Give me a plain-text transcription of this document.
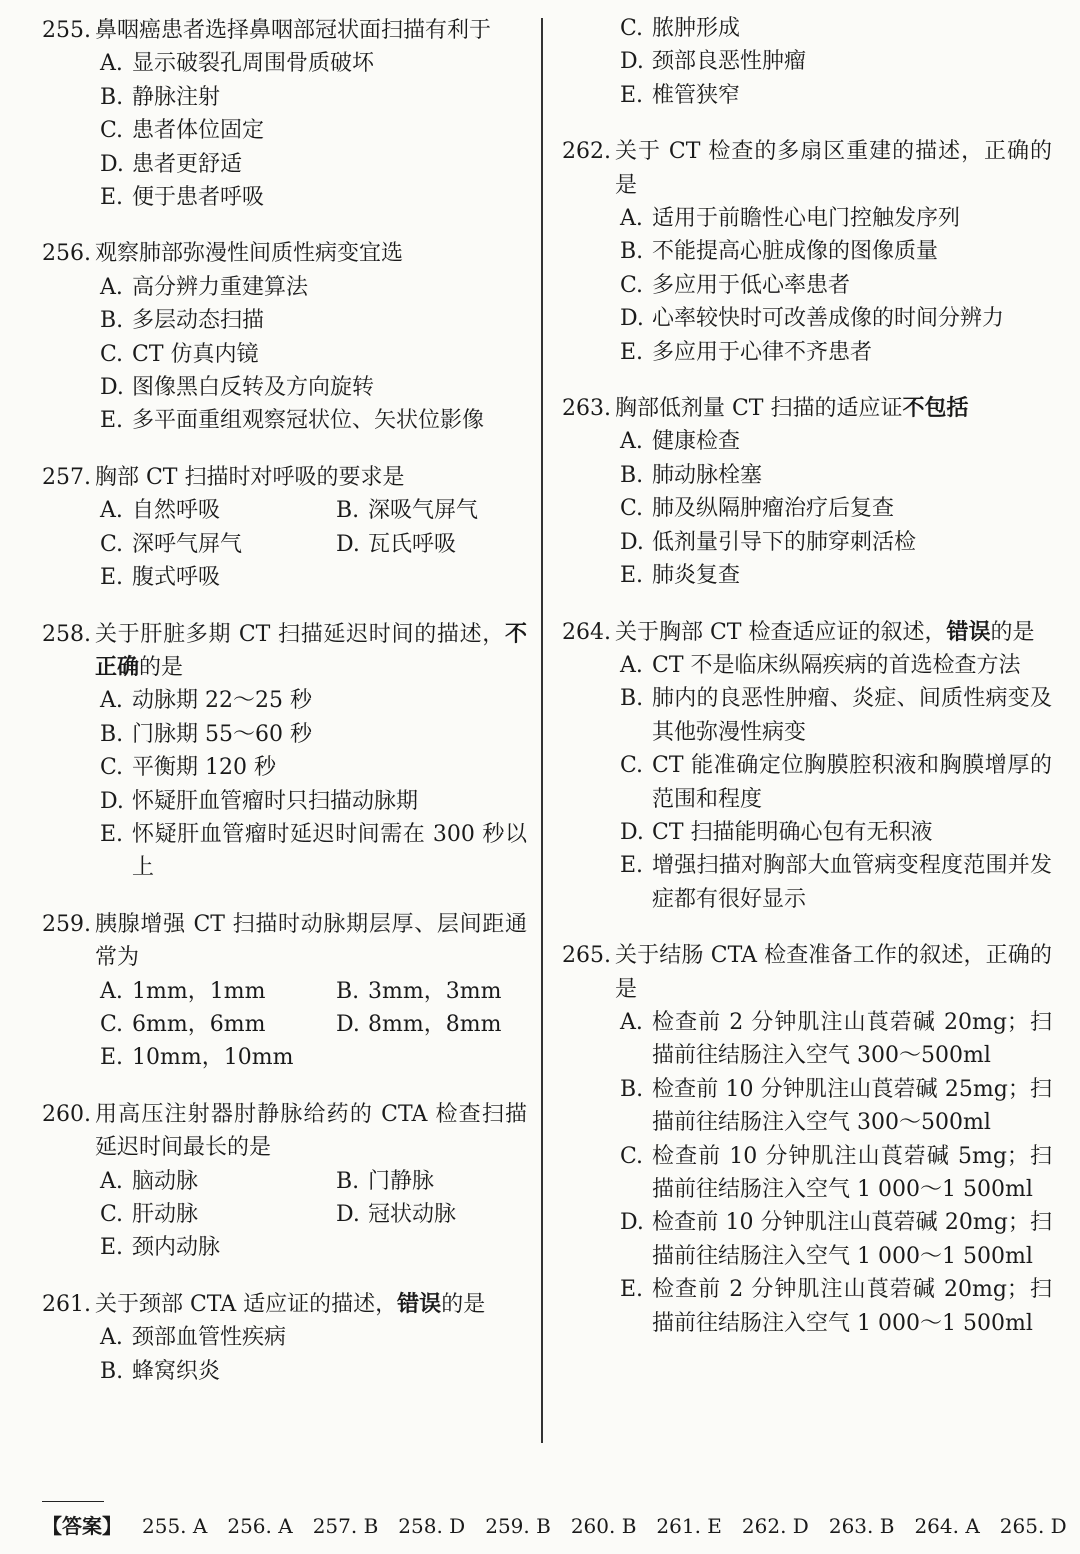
255. 鼻咽癌患者选择鼻咽部冠状面扫描有利于
A. 显示破裂孔周围骨质破坏
B. 静脉注射
C. 患者体位固定
D. 患者更舒适
E. 便于患者呼吸
256. 观察肺部弥漫性间质性病变宜选
A. 高分辨力重建算法
B. 多层动态扫描
C. CT 仿真内镜
D. 图像黑白反转及方向旋转
E. 多平面重组观察冠状位、矢状位影像
257. 胸部 CT 扫描时对呼吸的要求是
A. 自然呼吸	B. 深吸气屏气
C. 深呼气屏气	D. 瓦氏呼吸
E. 腹式呼吸
258. 关于肝脏多期 CT 扫描延迟时间的描述，不正确的是
A. 动脉期 22～25 秒
B. 门脉期 55～60 秒
C. 平衡期 120 秒
D. 怀疑肝血管瘤时只扫描动脉期
E. 怀疑肝血管瘤时延迟时间需在 300 秒以上
259. 胰腺增强 CT 扫描时动脉期层厚、层间距通常为
A. 1mm，1mm	B. 3mm，3mm
C. 6mm，6mm	D. 8mm，8mm
E. 10mm，10mm
260. 用高压注射器肘静脉给药的 CTA 检查扫描延迟时间最长的是
A. 脑动脉	B. 门静脉
C. 肝动脉	D. 冠状动脉
E. 颈内动脉
261. 关于颈部 CTA 适应证的描述，错误的是
A. 颈部血管性疾病
B. 蜂窝织炎
C. 脓肿形成
D. 颈部良恶性肿瘤
E. 椎管狭窄
262. 关于 CT 检查的多扇区重建的描述，正确的是
A. 适用于前瞻性心电门控触发序列
B. 不能提高心脏成像的图像质量
C. 多应用于低心率患者
D. 心率较快时可改善成像的时间分辨力
E. 多应用于心律不齐患者
263. 胸部低剂量 CT 扫描的适应证不包括
A. 健康检查
B. 肺动脉栓塞
C. 肺及纵隔肿瘤治疗后复查
D. 低剂量引导下的肺穿刺活检
E. 肺炎复查
264. 关于胸部 CT 检查适应证的叙述，错误的是
A. CT 不是临床纵隔疾病的首选检查方法
B. 肺内的良恶性肿瘤、炎症、间质性病变及其他弥漫性病变
C. CT 能准确定位胸膜腔积液和胸膜增厚的范围和程度
D. CT 扫描能明确心包有无积液
E. 增强扫描对胸部大血管病变程度范围并发症都有很好显示
265. 关于结肠 CTA 检查准备工作的叙述，正确的是
A. 检查前 2 分钟肌注山莨菪碱 20mg；扫描前往结肠注入空气 300～500ml
B. 检查前 10 分钟肌注山莨菪碱 25mg；扫描前往结肠注入空气 300～500ml
C. 检查前 10 分钟肌注山莨菪碱 5mg；扫描前往结肠注入空气 1 000～1 500ml
D. 检查前 10 分钟肌注山莨菪碱 20mg；扫描前往结肠注入空气 1 000～1 500ml
E. 检查前 2 分钟肌注山莨菪碱 20mg；扫描前往结肠注入空气 1 000～1 500ml
【答案】 255. A 256. A 257. B 258. D 259. B 260. B 261. E 262. D 263. B 264. A 265. D
